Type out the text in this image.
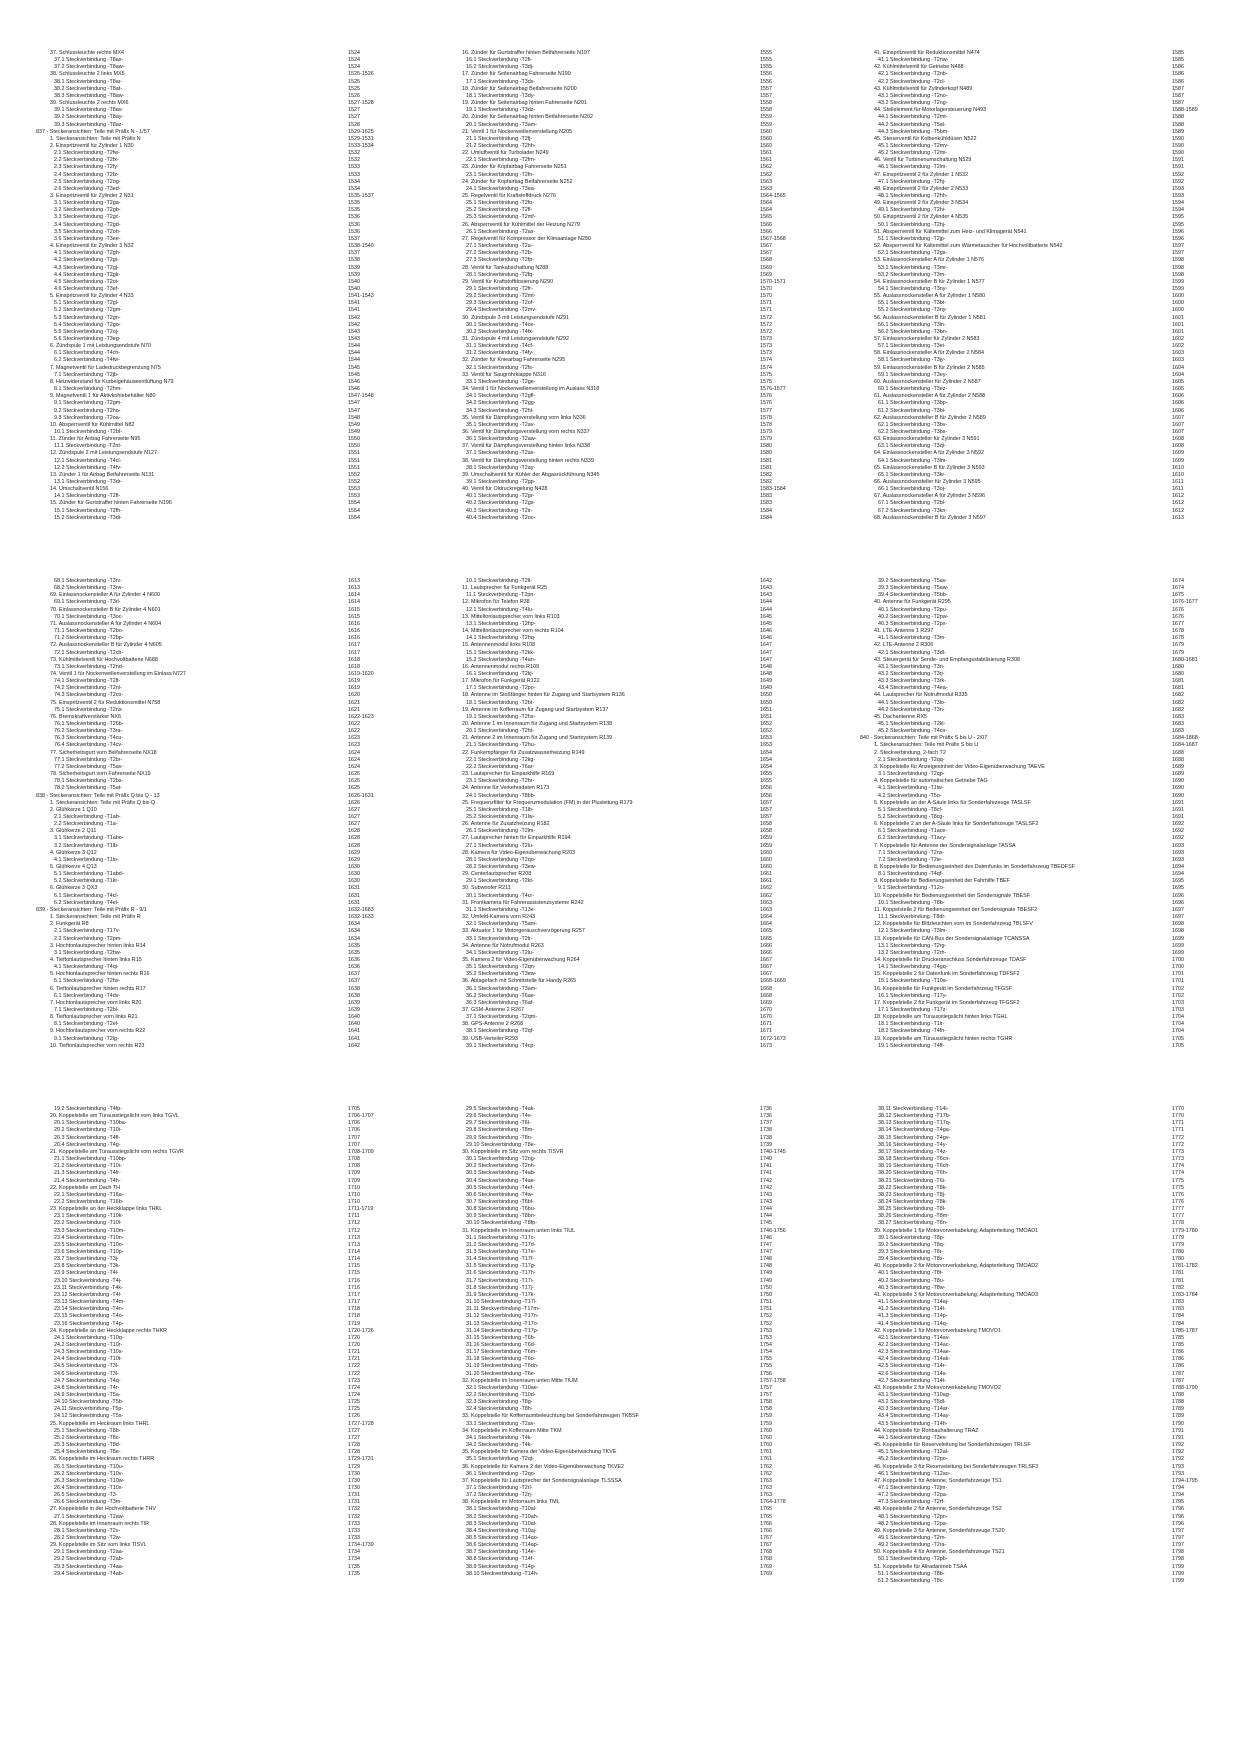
37. Schlussleuchte rechts MX4	1524
37.1 Steckverbindung -T8ax-	1524
37.2 Steckverbindung -T8aw-	1524
38. Schlussleuchte 2 links MX5	1525-1526
38.1 Steckverbindung -T8ar-	1525
38.2 Steckverbindung -T8at-	1525
38.3 Steckverbindung -T8aw-	1526
39. Schlussleuchte 2 rechts MX6	1527-1528
39.1 Steckverbindung -T8av-	1527
39.2 Steckverbindung -T8ay-	1527
39.3 Steckverbindung -T8az-	1528
837 - Steckeransichten: Teile mit Präfix N - 1/57	1529-1625
1. Steckeransichten: Teile mit Präfix N	1529-1531
2. Einspritzventil für Zylinder 1 N30	1533-1534
2.1 Steckverbindung -T2fw-	1532
2.2 Steckverbindung -T2fx-	1532
2.3 Steckverbindung -T2fy-	1533
2.4 Steckverbindung -T2fz-	1533
2.5 Steckverbindung -T2og-	1534
2.6 Steckverbindung -T3ed-	1534
3. Einspritzventil für Zylinder 2 N31	1535-1537
3.1 Steckverbindung -T2ga-	1535
3.2 Steckverbindung -T2gb-	1535
3.3 Steckverbindung -T2gc-	1536
3.4 Steckverbindung -T2gd-	1536
3.5 Steckverbindung -T2oh-	1536
3.6 Steckverbindung -T3ee-	1537
4. Einspritzventil für Zylinder 3 N32	1538-1540
4.1 Steckverbindung -T2gh-	1537
4.2 Steckverbindung -T2gi-	1538
4.3 Steckverbindung -T2gj-	1539
4.4 Steckverbindung -T2gk-	1539
4.5 Steckverbindung -T2oi-	1540
4.6 Steckverbindung -T3ef-	1540
5. Einspritzventil für Zylinder 4 N33	1541-1543
5.1 Steckverbindung -T2gl-	1541
5.2 Steckverbindung -T2gm-	1541
5.3 Steckverbindung -T2gn-	1542
5.4 Steckverbindung -T2go-	1542
5.5 Steckverbindung -T2oj-	1543
5.6 Steckverbindung -T3eg-	1543
6. Zündspule 1 mit Leistungsendstufe N70	1544
6.1 Steckverbindung -T4ch-	1544
6.2 Steckverbindung -T4fw-	1544
7. Magnetventil für Ladedruckbegrenzung N75	1545
7.1 Steckverbindung -T2jb-	1545
8. Heizwiderstand für Kurbelgehäuseentlüftung N79	1546
8.1 Steckverbindung -T2hm-	1546
9. Magnetventil 1 für Aktivkohlebehälter N80	1547-1548
9.1 Steckverbindung -T2gm-	1547
9.2 Steckverbindung -T2ho-	1547
9.3 Steckverbindung -T2oa-	1548
10. Absperrventil für Kühlmittel N82	1549
10.1 Steckverbindung -T2bf-	1549
11. Zünder für Airbag Fahrerseite N95	1550
11.1 Steckverbindung -T2nt-	1550
12. Zündspule 2 mit Leistungsendstufe N127	1551
12.1 Steckverbindung -T4cl-	1551
12.2 Steckverbindung -T4fv-	1551
13. Zünder 1 für Airbag Beifahrerseite N131	1552
13.1 Steckverbindung -T3dr-	1552
14. Umschaltventil N156	1553
14.1 Steckverbindung -T2fl-	1553
15. Zünder für Gurtstraffer hinten Fahrerseite N196	1554
15.1 Steckverbindung -T2fh-	1554
15.2 Steckverbindung -T3di-	1554
16. Zünder für Gurtstraffer hinten Beifahrerseite N197	1555
16.1 Steckverbindung -T2fi-	1555
16.2 Steckverbindung -T3dj-	1555
17. Zünder für Seitenairbag Fahrerseite N199	1556
17.1 Steckverbindung -T3dx-	1556
18. Zünder für Seitenairbag Beifahrerseite N200	1557
18.1 Steckverbindung -T3dy-	1557
19. Zünder für Seitenairbag hinten Fahrerseite N201	1558
19.1 Steckverbindung -T3dz-	1558
20. Zünder für Seitenairbag hinten Beifahrerseite N202	1559
20.1 Steckverbindung -T3am-	1559
21. Ventil 1 für Nockenwellenverstellung N205	1560
21.1 Steckverbindung -T2fj-	1560
21.2 Steckverbindung -T2hh-	1560
22. Umluftventil für Turbolader N249	1561
22.1 Steckverbindung -T2fm-	1561
23. Zünder für Kopfairbag Fahrerseite N251	1562
23.1 Steckverbindung -T2fn-	1562
24. Zünder für Kopfairbag Beifahrerseite N252	1563
24.1 Steckverbindung -T3ea-	1563
25. Regelventil für Kraftstoffdruck N276	1564-1565
25.1 Steckverbindung -T2fo-	1564
25.2 Steckverbindung -T2fl-	1564
25.3 Steckverbindung -T2mf-	1565
26. Absperrventil für Kühlmittel der Heizung N279	1566
26.1 Steckverbindung -T2ax-	1566
27. Regelventil für Kompressor der Klimaanlage N280	1567-1568
27.1 Steckverbindung -T2a-	1567
27.2 Steckverbindung -T2b-	1567
27.3 Steckverbindung -T2fp-	1568
28. Ventil für Tankabschaltung N288	1569
28.1 Steckverbindung -T2fq-	1569
29. Ventil für Kraftstoffdosierung N290	1570-1571
29.1 Steckverbindung -T2fr-	1570
29.2 Steckverbindung -T2mt-	1570
29.3 Steckverbindung -T2of-	1571
29.4 Steckverbindung -T2mv-	1571
30. Zündspule 3 mit Leistungsendstufe N291	1572
30.1 Steckverbindung -T4ce-	1572
30.2 Steckverbindung -T4fx-	1572
31. Zündspule 4 mit Leistungsendstufe N292	1573
31.1 Steckverbindung -T4cf-	1573
31.2 Steckverbindung -T4fy-	1573
32. Zünder für Kniearbag Fahrerseite N295	1574
32.1 Steckverbindung -T2fs-	1574
33. Ventil für Saugrohrklappe N316	1575
33.1 Steckverbindung -T2ge-	1575
34. Ventil 1 für Nockenwellenverstellung im Auslass N318	1576-1577
34.1 Steckverbindung -T2gfl-	1576
34.2 Steckverbindung -T2gg-	1576
34.3 Steckverbindung -T2hl-	1577
35. Ventil für Dämpfungsverstellung vorn links N336	1578
35.1 Steckverbindung -T2av-	1578
36. Ventil für Dämpfungsverstellung vorn rechts N337	1579
36.1 Steckverbindung -T2aw-	1579
37. Ventil für Dämpfungsverstellung hinten links N338	1580
37.1 Steckverbindung -T2ax-	1580
38. Ventil für Dämpfungsverstellung hinten rechts N339	1581
38.1 Steckverbindung -T2ay-	1581
39. Umschaltventil für Kühler der Abgasrückführung N345	1582
39.1 Steckverbindung -T2gp-	1582
40. Ventil für Öldruckregelung N428	1583-1584
40.1 Steckverbindung -T2gr-	1583
40.2 Steckverbindung -T2gs-	1583
40.3 Steckverbindung -T2ir-	1584
40.4 Steckverbindung -T2oc-	1584
41. Einspritzventil für Reduktionsmittel N474	1585
41.1 Steckverbindung -T2nw-	1585
42. Kühlmittelventil für Getriebe N488	1586
42.1 Steckverbindung -T2nb-	1586
42.2 Steckverbindung -T2cl-	1586
43. Kühlmittelventil für Zylinderkopf N489	1587
43.1 Steckverbindung -T2no-	1587
43.2 Steckverbindung -T2ng-	1587
44. Stellelement für Motorlagersteuerung N493	1588-1589
44.1 Steckverbindung -T2mt-	1588
44.2 Steckverbindung -T5al-	1588
44.3 Steckverbindung -T5bm-	1589
45. Steuerventil für Kolbenkühldüsen N522	1590
45.1 Steckverbindung -T2mv-	1590
45.2 Steckverbindung -T2mi-	1590
46. Ventil für Turbinenumschaltung N529	1591
46.1 Steckverbindung -T2lm-	1591
47. Einspritzventil 2 für Zylinder 1 N532	1592
47.1 Steckverbindung -T2hj-	1592
48. Einspritzventil 2 für Zylinder 2 N533	1593
48.1 Steckverbindung -T2hh-	1593
49. Einspritzventil 2 für Zylinder 3 N534	1594
49.1 Steckverbindung -T2hi-	1594
50. Einspritzventil 2 für Zylinder 4 N535	1595
50.1 Steckverbindung -T2hj-	1595
51. Absperrventil für Kältemittel zum Heiz- und Klimagerät N541	1596
51.1 Steckverbindung -T2jp-	1596
52. Absperrventil für Kältemittel zum Wärmetauscher für Hochvoltbatterie N542	1597
52.1 Steckverbindung -T2gs-	1597
53. Einlassnockensteller A für Zylinder 1 N576	1598
53.1 Steckverbindung -T3mr-	1598
53.2 Steckverbindung -T3m-	1598
54. Einlassnockensteller B für Zylinder 1 N577	1599
54.1 Steckverbindung -T3ny-	1599
55. Auslassnockensteller A für Zylinder 1 N580	1600
55.1 Steckverbindung -T3bt-	1600
55.2 Steckverbindung -T3ny-	1600
56. Auslassnockensteller B für Zylinder 1 N581	1601
56.1 Steckverbindung -T3ln-	1601
56.2 Steckverbindung -T3bn-	1601
57. Einlassnockensteller für Zylinder 2 N583	1602
57.1 Steckverbindung -T3ei-	1602
58. Einlassnockensteller A für Zylinder 2 N584	1603
58.1 Steckverbindung -T3jy-	1603
59. Einlassnockensteller B für Zylinder 2 N585	1604
59.1 Steckverbindung -T3ey-	1604
60. Auslassnockensteller für Zylinder 2 N587	1605
60.1 Steckverbindung -T3ez-	1605
61. Auslassnockensteller A für Zylinder 2 N588	1606
61.1 Steckverbindung -T3bp-	1606
61.2 Steckverbindung -T3bi-	1606
62. Auslassnockensteller B für Zylinder 2 N589	1607
62.1 Steckverbindung -T3bv-	1607
62.2 Steckverbindung -T3bx-	1607
63. Einlassnockensteller für Zylinder 3 N591	1608
63.1 Steckverbindung -T3qi-	1608
64. Einlassnockensteller A für Zylinder 3 N592	1609
64.1 Steckverbindung -T3lm-	1609
65. Einlassnockensteller B für Zylinder 3 N593	1610
65.1 Steckverbindung -T3kr-	1610
66. Auslassnockensteller für Zylinder 3 N595	1611
66.1 Steckverbindung -T3oj-	1611
67. Auslassnockensteller A für Zylinder 3 N596	1612
67.1 Steckverbindung -T2bl-	1612
67.2 Steckverbindung -T3kn-	1612
68. Auslassnockensteller B für Zylinder 3 N597	1613
68.1 Steckverbindung -T3rv-	1613
68.2 Steckverbindung -T3rw-	1613
69. Einlassnockensteller A für Zylinder 4 N600	1614
69.1 Steckverbindung -T3rl-	1614
70. Einlassnockensteller B für Zylinder 4 N601	1615
70.1 Steckverbindung -T3oc-	1615
71. Auslassnockensteller A für Zylinder 4 N604	1616
71.1 Steckverbindung -T2bo-	1616
71.2 Steckverbindung -T2bp-	1616
72. Auslassnockensteller B für Zylinder 4 N605	1617
72.1 Steckverbindung -T2cb-	1617
73. Kühlmittelventil für Hochvoltbatterie N688	1618
73.1 Steckverbindung -T2nd-	1618
74. Ventil 1 für Nockenwellenverstellung im Einlass N727	1619-1620
74.1 Steckverbindung -T2lt-	1619
74.2 Steckverbindung -T2nl-	1619
74.3 Steckverbindung -T2co-	1620
75. Einspritzventil 2 für Reduktionsmittel N758	1621
75.1 Steckverbindung -T2nx-	1621
76. Bremskraftverstärker NX6	1622-1623
76.1 Steckverbindung -T26b-	1622
76.2 Steckverbindung -T3ra-	1622
76.3 Steckverbindung -T4cu-	1623
76.4 Steckverbindung -T4cv-	1623
77. Sicherheitsgurt vorn Beifahrerseite NX18	1624
77.1 Steckverbindung -T2br-	1624
77.2 Steckverbindung -T5av-	1624
78. Sicherheitsgurt vorn Fahrerseite NX19	1625
78.1 Steckverbindung -T2bs-	1625
78.2 Steckverbindung -T5at-	1625
838 - Steckeransichten: Teile mit Präfix Q bis Q - 13	1626-1631
1. Steckeransichten: Teile mit Präfix Q bis Q	1626
2. Glühkerze 1 Q10	1627
2.1 Steckverbindung -T1ab-	1627
2.2 Steckverbindung -T1a-	1627
3. Glühkerze 2 Q11	1628
3.1 Steckverbindung -T1abo-	1628
3.2 Steckverbindung -T1lb-	1628
4. Glühkerze 3 Q12	1629
4.1 Steckverbindung -T1lo-	1629
5. Glühkerze 4 Q13	1630
5.1 Steckverbindung -T1abd-	1630
5.2 Steckverbindung -T1kr-	1630
6. Glühkerze 3 QX3	1631
6.1 Steckverbindung -T4cl-	1631
6.2 Steckverbindung -T4el-	1631
839 - Steckeransichten: Teile mit Präfix R - 9/1	1632-1683
1. Steckeransichten: Teile mit Präfix R	1632-1633
2. Funkgerät R8	1634
2.1 Steckverbindung -T17v-	1634
2.2 Steckverbindung -T2pm-	1634
3. Hochtonlautsprecher hinten links R14	1635
3.1 Steckverbindung -T2hw-	1635
4. Tieftonlautsprecher hinten links R15	1636
4.1 Steckverbindung -T4qi-	1636
5. Hochtonlautsprecher hinten rechts R16	1637
5.1 Steckverbindung -T2hx-	1637
6. Tieftonlautsprecher hinten rechts R17	1638
6.1 Steckverbindung -T4dv-	1638
7. Hochtonlautsprecher vorn links R20	1639
7.1 Steckverbindung -T2bl-	1639
8. Tieftonlautsprecher vorn links R21	1640
8.1 Steckverbindung -T2el-	1640
9. Hochtonlautsprecher vorn rechts R22	1641
9.1 Steckverbindung -T2lg-	1641
10. Tieftonlautsprecher vorn rechts R23	1642
10.1 Steckverbindung -T2lt-	1642
11. Lautsprecher für Funkgerät R25	1643
11.1 Steckverbindung -T2pn-	1643
12. Mikrofon für Telefon R38	1644
12.1 Steckverbindung -T4lu-	1644
13. Mitteltonlautsprecher vorn links R103	1645
13.1 Steckverbindung -T2hp-	1645
14. Mitteltonlautsprecher vorn rechts R104	1646
14.1 Steckverbindung -T2hq-	1646
15. Antennenmodul links R108	1647
15.1 Steckverbindung -T2kk-	1647
15.2 Steckverbindung -T4an-	1647
16. Antennenmodul rechts R109	1648
16.1 Steckverbindung -T2kj-	1648
17. Mikrofon für Funkgerät R122	1649
17.1 Steckverbindung -T2po-	1649
18. Antenne im Stoßfänger hinten für Zugang und Startsystem R136	1650
18.1 Steckverbindung -T2bt-	1650
19. Antenne im Kofferraum für Zugang und Startsystem R137	1651
19.1 Steckverbindung -T2hs-	1651
20. Antenne 1 im Innenraum für Zugang und Startsystem R138	1652
20.1 Steckverbindung -T2ht-	1652
21. Antenne 2 im Innenraum für Zugang und Startsystem R139	1653
21.1 Steckverbindung -T2hu-	1653
22. Funkempfänger für Zusatzwasserheizung R149	1654
22.1 Steckverbindung -T2kg-	1654
22.2 Steckverbindung -T6ar-	1654
23. Lautsprecher für Einparkhilfe R169	1655
23.1 Steckverbindung -T2hr-	1655
24. Antenne für Verkehrsdaten R173	1656
24.1 Steckverbindung -T8bb-	1656
25. Frequenzfilter für Frequenzmodulation (FM) in der Plusleitung R179	1657
25.1 Steckverbindung -T1lb-	1657
25.2 Steckverbindung -T1lw-	1657
26. Antenne für Zusatzheizung R182	1658
26.1 Steckverbindung -T2lm-	1658
27. Lautsprecher hinten für Einparkhilfe R194	1659
27.1 Steckverbindung -T2lu-	1659
28. Kamera für Video-Eigenüberwachung R203	1660
28.1 Steckverbindung -T2qo-	1660
28.2 Steckverbindung -T3ew-	1660
29. Centerlautsprecher R208	1661
29.1 Steckverbindung -T2kt-	1661
30. Subwoofer R211	1662
30.1 Steckverbindung -T4cr-	1662
31. Frontkamera für Fahrerassistenzsysteme R242	1663
31.1 Steckverbindung -T13e-	1663
32. Umfeld-Kamera vorn R243	1664
32.1 Steckverbindung -T5am-	1664
33. Aktuator 1 für Motorgeräuschverzögerung R257	1665
33.1 Steckverbindung -T2lr-	1665
34. Antenne für Notrufmodul R263	1666
34.1 Steckverbindung -T2lu-	1666
35. Kamera 2 für Video-Eigenüberwachung R264	1667
35.1 Steckverbindung -T2qn-	1667
35.2 Steckverbindung -T3ew-	1667
36. Ablagefach mit Schnittstelle für Handy R265	1668-1669
36.1 Steckverbindung -T3am-	1668
36.2 Steckverbindung -T6ae-	1668
36.3 Steckverbindung -T6af-	1669
37. GSM-Antenne 2 R267	1670
37.1 Steckverbindung -T2qm-	1670
38. GPS-Antenne 2 R268	1671
38.1 Steckverbindung -T2qf-	1671
39. USB-Verteiler R293	1672-1673
39.1 Steckverbindung -T4cp-	1673
39.2 Steckverbindung -T5av-	1674
39.3 Steckverbindung -T5aw-	1674
39.4 Steckverbindung -T5bb-	1675
40. Antenne für Funkgerät R295	1676-1677
40.1 Steckverbindung -T2pu-	1676
40.2 Steckverbindung -T2pw-	1676
40.3 Steckverbindung -T2px-	1677
41. LTE-Antenne 1 R297	1678
41.1 Steckverbindung -T3m-	1678
42. LTE-Antenne 2 R306	1679
42.1 Steckverbindung -T3dl-	1679
43. Steuergerät für Sende- und Empfangsstabilisierung R308	1680-1681
43.1 Steckverbindung -T3ri-	1680
43.2 Steckverbindung -T3rj-	1680
43.3 Steckverbindung -T3rk-	1681
43.4 Steckverbindung -T4ea-	1681
44. Lautsprecher für Notrufmodul R335	1682
44.1 Steckverbindung -T3lo-	1682
44.2 Steckverbindung -T3n-	1682
45. Dachantenne RX5	1683
45.1 Steckverbindung -T2kl-	1683
45.2 Steckverbindung -T4cn-	1683
840 - Steckeransichten: Teile mit Präfix S bis U - 2/07	1684-1868
1. Steckeransichten: Teile mit Präfix S bis U	1684-1687
2. Steckverbindung, 2-fach T2	1688
2.1 Steckverbindung -T2qq-	1688
3. Koppelstelle für Anzeigeeinheit der Video-Eigenüberwachung TAEVE	1689
3.1 Steckverbindung -T2qp-	1689
4. Koppelstelle für automatisches Getriebe TAG	1690
4.1 Steckverbindung -T1lw-	1690
4.2 Steckverbindung -T5o-	1690
5. Koppelstelle an der A-Säule links für Sonderfahrzeuge TASLSF	1691
5.1 Steckverbindung -T8cf-	1691
5.2 Steckverbindung -T8cg-	1691
6. Koppelstelle 2 an der A-Säule links für Sonderfahrzeuge TASLSF2	1692
6.1 Steckverbindung -T1ace-	1692
6.2 Steckverbindung -T1acy-	1692
7. Koppelstelle für Antenne der Sondersignalanlage TASSA	1693
7.1 Steckverbindung -T2nx-	1693
7.2 Steckverbindung -T2ie-	1693
8. Koppelstelle für Bedienungseinheit des Datenfunks im Sonderfahrzeug TBEDFSF	1694
8.1 Steckverbindung -T4qf-	1694
9. Koppelstelle für Bedienungseinheit der Fahrhilfe TBEF	1695
9.1 Steckverbindung -T12o-	1695
10. Koppelstelle für Bedienungseinheit der Sondersignale TBESF	1696
10.1 Steckverbindung -T8b-	1696
11. Koppelstelle 2 für Bedienungseinheit der Sondersignale TBESF2	1697
11.1 Steckverbindung -T8dr-	1697
12. Koppelstelle für Blitzleuchten vorn im Sonderfahrzeug TBLSFV	1698
12.1 Steckverbindung -T3lm-	1698
13. Koppelstelle für CAN-Bus der Sondersignalanlage TCANSSA	1699
13.1 Steckverbindung -T2rg-	1699
13.2 Steckverbindung -T2rh-	1699
14. Koppelstelle für Druckeranschluss Sonderfahrzeuge TDASF	1700
14.1 Steckverbindung -T4gq-	1700
15. Koppelstelle 2 für Datenfunk im Sonderfahrzeug TDFSF2	1701
15.1 Steckverbindung -T10a-	1701
16. Koppelstelle für Funkgerät im Sonderfahrzeug TFGSF	1702
16.1 Steckverbindung -T17y-	1702
17. Koppelstelle 2 für Funkgerät im Sonderfahrzeug TFGSF2	1703
17.1 Steckverbindung -T17z-	1703
18. Koppelstelle am Türausstiegslicht hinten links TGHL	1704
18.1 Steckverbindung -T1lr-	1704
18.2 Steckverbindung -T4fn-	1704
19. Koppelstelle am Türausstiegslicht hinten rechts TGHR	1705
19.1 Steckverbindung -T4ff-	1705
19.2 Steckverbindung -T4fp-	1705
20. Koppelstelle am Türausstiegslicht vorn links TGVL	1706-1707
20.1 Steckverbindung -T10ba-	1706
20.2 Steckverbindung -T10i-	1706
20.3 Steckverbindung -T4fl-	1707
20.4 Steckverbindung -T4g-	1707
21. Koppelstelle am Türausstiegslicht vorn rechts TGVR	1708-1709
21.1 Steckverbindung -T10bp-	1708
21.2 Steckverbindung -T10i-	1708
21.3 Steckverbindung -T4fr-	1709
21.4 Steckverbindung -T4h-	1709
22. Koppelstelle am Dach TH	1710
22.1 Steckverbindung -T16a-	1710
22.2 Steckverbindung -T16b-	1710
23. Koppelstelle an der Heckklappe links THKL	1711-1719
23.1 Steckverbindung -T10k-	1711
23.2 Steckverbindung -T10l-	1712
23.3 Steckverbindung -T10m-	1712
23.4 Steckverbindung -T10n-	1713
23.5 Steckverbindung -T10o-	1713
23.6 Steckverbindung -T10p-	1714
23.7 Steckverbindung -T3j-	1714
23.8 Steckverbindung -T3k-	1715
23.9 Steckverbindung -T4l-	1715
23.10 Steckverbindung -T4j-	1716
23.11 Steckverbindung -T4k-	1716
23.12 Steckverbindung -T4l-	1717
23.13 Steckverbindung -T4m-	1717
23.14 Steckverbindung -T4n-	1718
23.15 Steckverbindung -T4o-	1718
23.16 Steckverbindung -T4p-	1719
24. Koppelstelle an der Heckklappe rechts THKR	1720-1726
24.1 Steckverbindung -T10q-	1720
24.2 Steckverbindung -T10r-	1720
24.3 Steckverbindung -T10s-	1721
24.4 Steckverbindung -T10t-	1721
24.5 Steckverbindung -T3l-	1722
24.6 Steckverbindung -T3l-	1722
24.7 Steckverbindung -T4q-	1723
24.8 Steckverbindung -T4r-	1724
24.9 Steckverbindung -T5a-	1724
24.10 Steckverbindung -T5b-	1725
24.11 Steckverbindung -T5p-	1725
24.12 Steckverbindung -T5s-	1726
25. Koppelstelle im Heckraum links THRL	1727-1728
25.1 Steckverbindung -T8b-	1727
25.2 Steckverbindung -T8c-	1727
25.3 Steckverbindung -T8d-	1728
25.4 Steckverbindung -T8e-	1728
26. Koppelstelle im Heckraum rechts THRR	1729-1731
26.1 Steckverbindung -T10u-	1729
26.2 Steckverbindung -T10v-	1730
26.3 Steckverbindung -T10w-	1730
26.4 Steckverbindung -T10x-	1730
26.5 Steckverbindung -T3-	1731
26.6 Steckverbindung -T3m-	1731
27. Koppelstelle in der Hochvoltbatterie THV	1732
27.1 Steckverbindung -T2aw-	1732
28. Koppelstelle im Innenraum rechts TIR	1733
28.1 Steckverbindung -T2v-	1733
28.2 Steckverbindung -T2w-	1733
29. Koppelstelle im Sitz vorn links TISVL	1734-1739
29.1 Steckverbindung -T2aa-	1734
29.2 Steckverbindung -T2ab-	1734
29.3 Steckverbindung -T4aa-	1735
29.4 Steckverbindung -T4ab-	1735
29.5 Steckverbindung -T4ak-	1736
29.6 Steckverbindung -T4v-	1736
29.7 Steckverbindung -T6l-	1737
29.8 Steckverbindung -T8m-	1738
29.9 Steckverbindung -T8n-	1738
29.10 Steckverbindung -T8e-	1739
30. Koppelstelle im Sitz vorn rechts TISVR	1740-1745
30.1 Steckverbindung -T2ng-	1740
30.2 Steckverbindung -T2nh-	1741
30.3 Steckverbindung -T4ab-	1741
30.4 Steckverbindung -T4ae-	1742
30.5 Steckverbindung -T4ef-	1742
30.6 Steckverbindung -T4w-	1743
30.7 Steckverbindung -T6bl-	1743
30.8 Steckverbindung -T6bu-	1744
30.9 Steckverbindung -T8bn-	1744
30.10 Steckverbindung -T8fp-	1745
31. Koppelstelle im Innenraum unten links TIUL	1746-1756
31.1 Steckverbindung -T17c-	1746
31.2 Steckverbindung -T17d-	1747
31.3 Steckverbindung -T17e-	1747
31.4 Steckverbindung -T17f-	1748
31.5 Steckverbindung -T17g-	1748
31.6 Steckverbindung -T17h-	1749
31.7 Steckverbindung -T17i-	1749
31.8 Steckverbindung -T17j-	1750
31.9 Steckverbindung -T17k-	1750
31.10 Steckverbindung -T17l-	1751
31.11 Steckverbindung -T17m-	1751
31.12 Steckverbindung -T17n-	1752
31.13 Steckverbindung -T17o-	1752
31.14 Steckverbindung -T17p-	1753
31.15 Steckverbindung -T6b-	1753
31.16 Steckverbindung -T6d-	1754
31.17 Steckverbindung -T6m-	1754
31.18 Steckverbindung -T6o-	1755
31.19 Steckverbindung -T6dn-	1755
31.20 Steckverbindung -T6e-	1756
32. Koppelstelle im Innenraum unten Mitte TIUM	1757-1758
32.1 Steckverbindung -T10ae-	1757
32.2 Steckverbindung -T10d-	1757
32.3 Steckverbindung -T8g-	1758
32.4 Steckverbindung -T8h-	1758
33. Koppelstelle für Kofferraumbeleuchtung bei Sonderfahrzeugen TKBSF	1759
33.1 Steckverbindung -T2av-	1759
34. Koppelstelle im Kofferraum Mitte TKM	1760
34.1 Steckverbindung -T4k-	1760
34.2 Steckverbindung -T4k-	1760
35. Koppelstelle für Kamera der Video-Eigenüberwachung TKVE	1761
35.1 Steckverbindung -T2qt-	1761
36. Koppelstelle für Kamera 2 der Video-Eigenüberwachung TKVE2	1762
36.1 Steckverbindung -T2qo-	1762
37. Koppelstelle für Lautsprecher der Sondersignalanlage TLSSSA	1763
37.1 Steckverbindung -T2rl-	1763
37.2 Steckverbindung -T2rj-	1763
38. Koppelstelle im Motorraum links TML	1764-1778
38.1 Steckverbindung -T10al-	1765
38.2 Steckverbindung -T10ah-	1765
38.3 Steckverbindung -T10ai-	1766
38.4 Steckverbindung -T10aj-	1766
38.5 Steckverbindung -T14ao-	1767
38.6 Steckverbindung -T14ap-	1767
38.7 Steckverbindung -T14e-	1768
38.8 Steckverbindung -T14f-	1768
38.9 Steckverbindung -T14g-	1769
38.10 Steckverbindung -T14h-	1769
38.11 Steckverbindung -T14i-	1770
38.12 Steckverbindung -T17b-	1770
38.13 Steckverbindung -T17q-	1771
38.14 Steckverbindung -T4ga-	1771
38.15 Steckverbindung -T4gv-	1772
38.16 Steckverbindung -T4y-	1772
38.17 Steckverbindung -T4z-	1773
38.18 Steckverbindung -T6cn-	1773
38.19 Steckverbindung -T6ch-	1774
38.20 Steckverbindung -T6h-	1774
38.21 Steckverbindung -T6i-	1775
38.22 Steckverbindung -T8k-	1775
38.23 Steckverbindung -T8j-	1776
38.24 Steckverbindung -T8k-	1776
38.25 Steckverbindung -T8l-	1777
38.26 Steckverbindung -T8m-	1777
38.27 Steckverbindung -T8n-	1778
39. Koppelstelle 1 für Motorvorverkabelung, Adapterleitung TMOAD1	1779-1780
39.1 Steckverbindung -T8p-	1779
39.2 Steckverbindung -T8q-	1779
39.3 Steckverbindung -T8r-	1780
39.4 Steckverbindung -T8s-	1780
40. Koppelstelle 2 für Motorvorverkabelung, Adapterleitung TMOAD2	1781-1782
40.1 Steckverbindung -T8t-	1781
40.2 Steckverbindung -T8u-	1781
40.3 Steckverbindung -T8w-	1782
41. Koppelstelle 3 für Motorvorverkabelung, Adapterleitung TMOAD3	1783-1784
41.1 Steckverbindung -T14aj-	1783
41.2 Steckverbindung -T14l-	1783
41.3 Steckverbindung -T14p-	1784
41.4 Steckverbindung -T14q-	1784
42. Koppelstelle 1 für Motorvorverkabelung TMOVO1	1785-1787
42.1 Steckverbindung -T14av-	1785
42.2 Steckverbindung -T14ac-	1785
42.3 Steckverbindung -T14ae-	1786
42.4 Steckverbindung -T14ak-	1786
42.5 Steckverbindung -T14r-	1786
42.6 Steckverbindung -T14s-	1787
42.7 Steckverbindung -T14t-	1787
43. Koppelstelle 2 für Motorvorverkabelung TMOVO2	1788-1790
43.1 Steckverbindung -T10ag-	1788
43.2 Steckverbindung -T5dl-	1788
43.3 Steckverbindung -T14ar-	1789
43.4 Steckverbindung -T14ay-	1789
43.5 Steckverbindung -T14h-	1790
44. Koppelstelle für Rohbauhalterung TRAZ	1791
44.1 Steckverbindung -T3ev-	1791
45. Koppelstelle für Reserveleitung bei Sonderfahrzeugen TRLSF	1792
45.1 Steckverbindung -T12al-	1792
45.2 Steckverbindung -T2po-	1792
46. Koppelstelle 3 für Reserveleitung bei Sonderfahrzeugen TRLSF3	1793
46.1 Steckverbindung -T12ao-	1793
47. Koppelstelle 1 für Antenne, Sonderfahrzeuge TS1	1794-1795
47.1 Steckverbindung -T2jm-	1794
47.2 Steckverbindung -T2pa-	1794
47.3 Steckverbindung -T2rf-	1795
48. Koppelstelle 2 für Antenne, Sonderfahrzeuge TS2	1796
48.1 Steckverbindung -T2pn-	1796
48.2 Steckverbindung -T2pa-	1796
49. Koppelstelle 3 für Antenne, Sonderfahrzeuge TS20	1797
49.1 Steckverbindung -T2rn-	1797
49.2 Steckverbindung -T2ra-	1797
50. Koppelstelle 4 für Antenne, Sonderfahrzeuge TS21	1798
50.1 Steckverbindung -T2pb-	1798
51. Koppelstelle für Allradantrieb TSAA	1799
51.1 Steckverbindung -T8b-	1799
51.2 Steckverbindung -T8c-	1799
